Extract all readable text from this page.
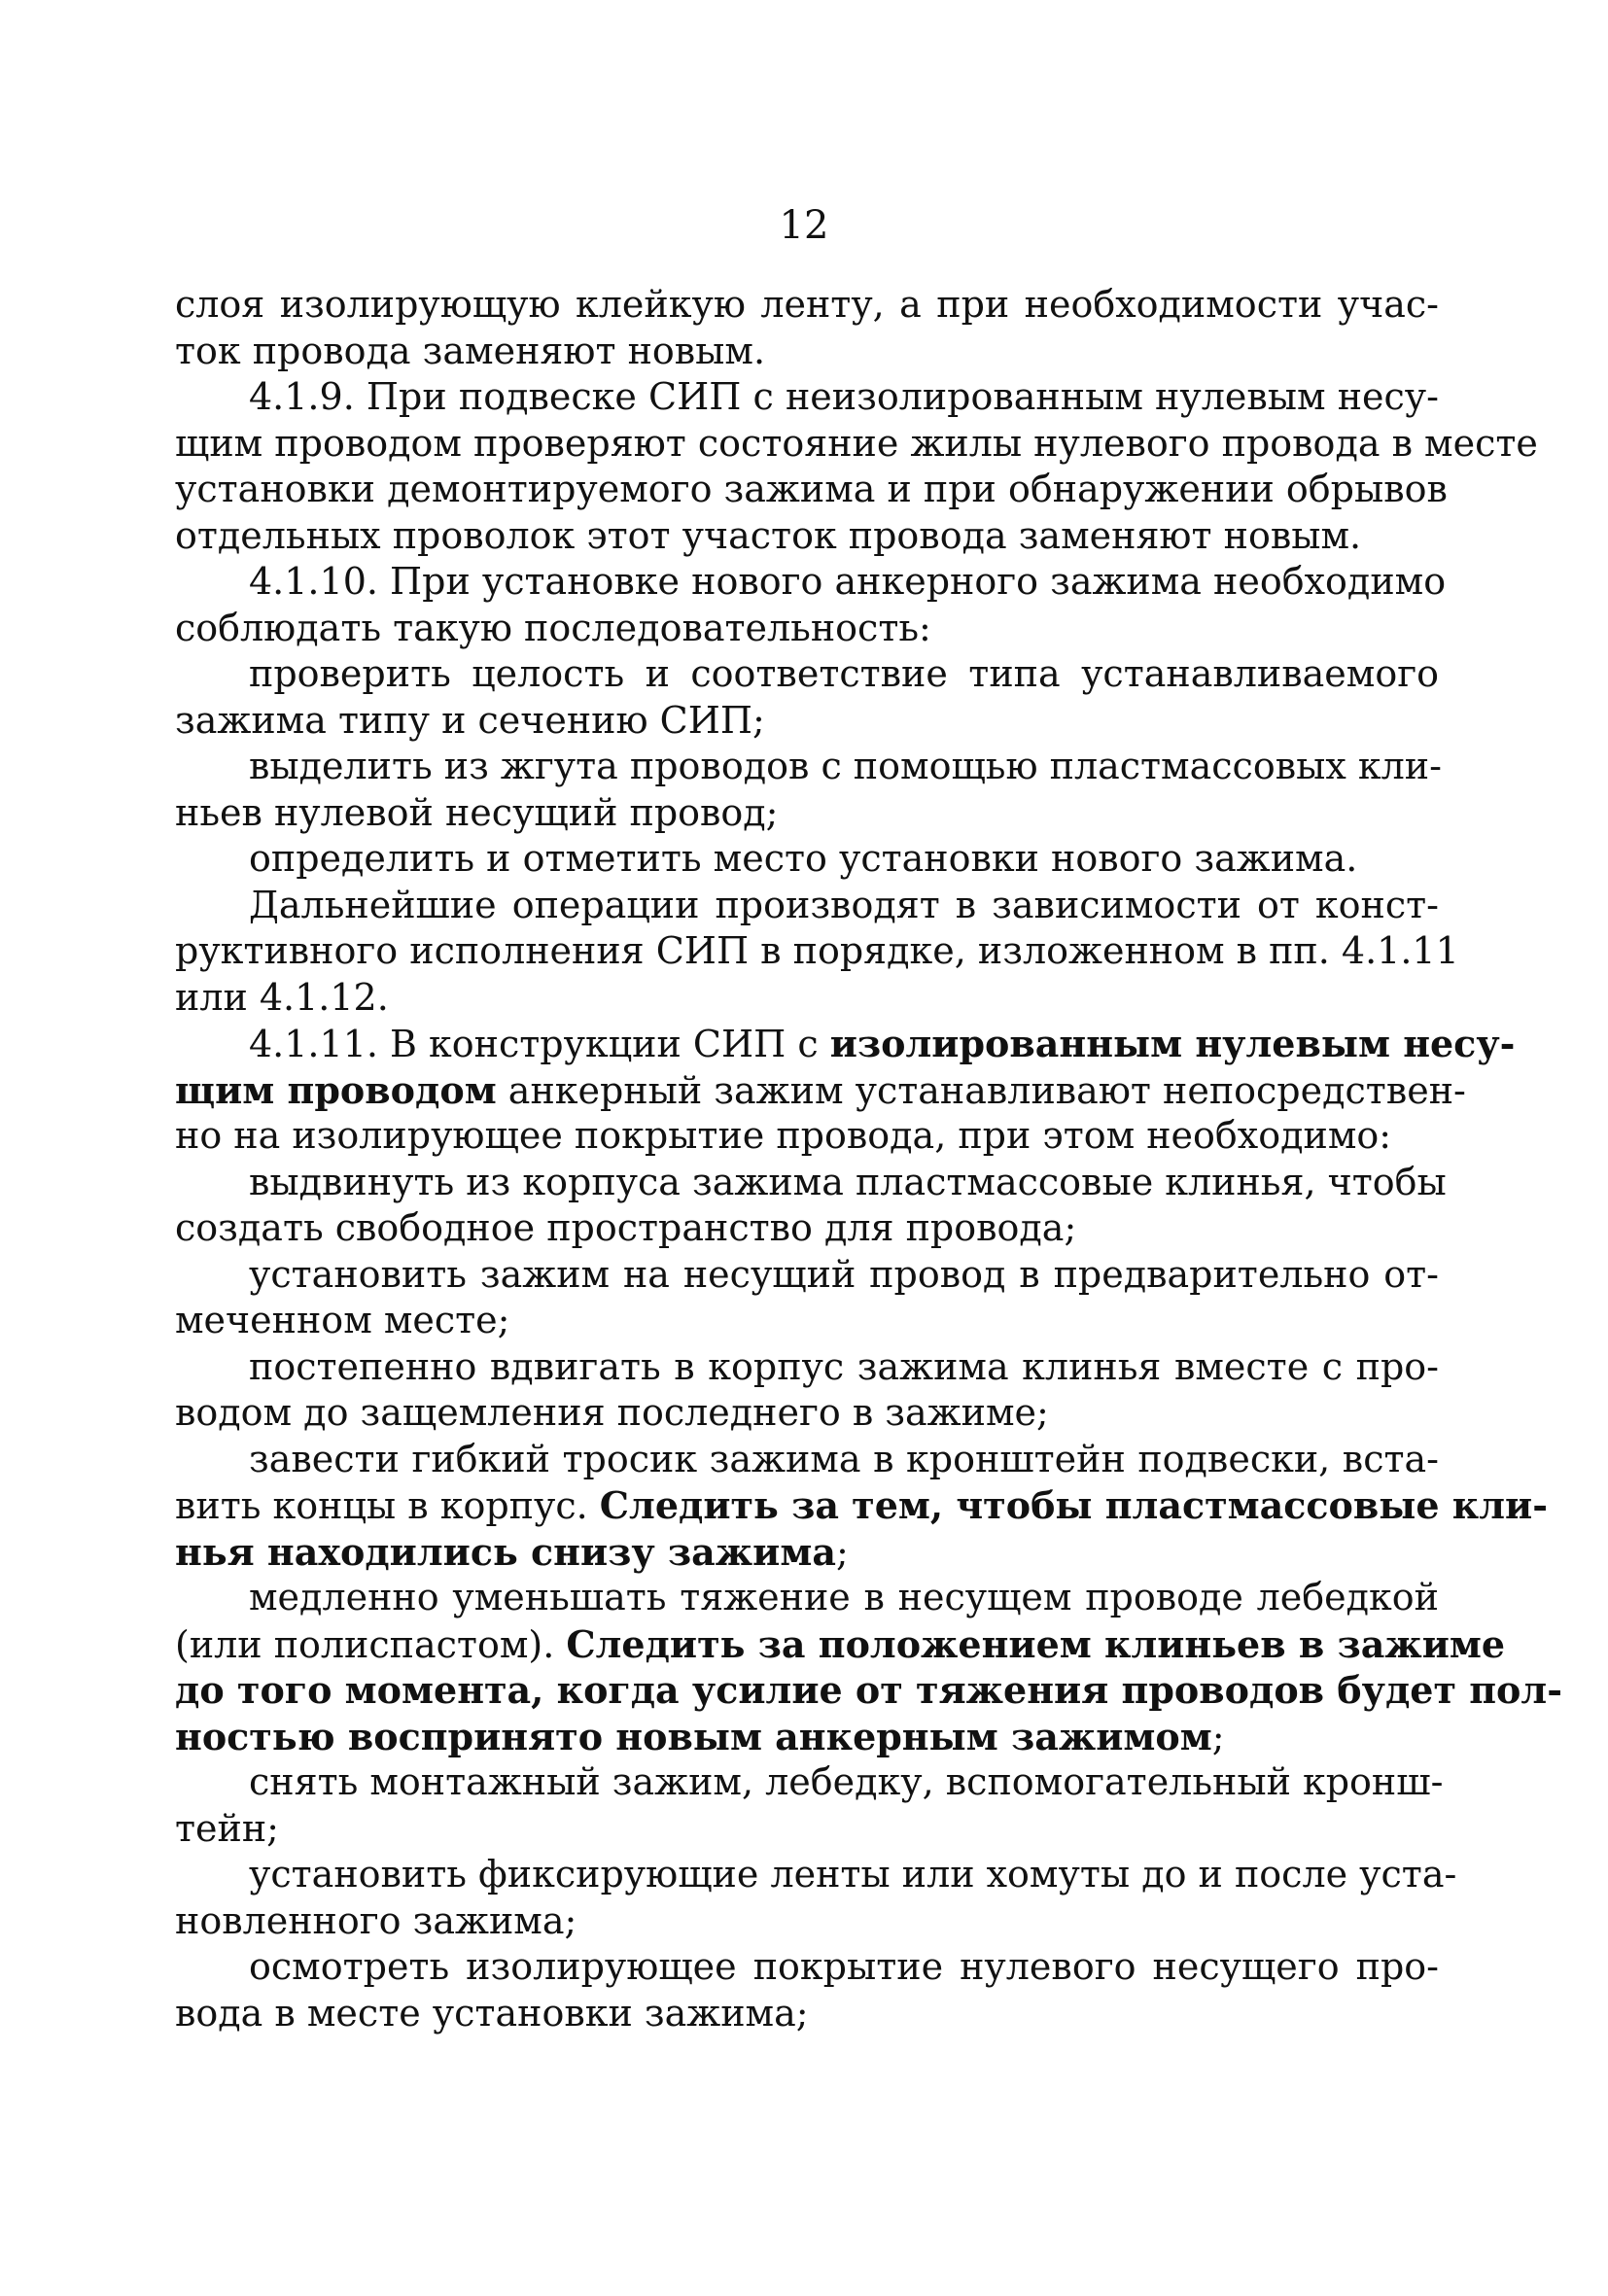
12
слоя изолирующую клейкую ленту, а при необходимости учас-
ток провода заменяют новым.
4.1.9. При подвеске СИП с неизолированным нулевым несу-
щим проводом проверяют состояние жилы нулевого провода в месте
установки демонтируемого зажима и при обнаружении обрывов
отдельных проволок этот участок провода заменяют новым.
4.1.10. При установке нового анкерного зажима необходимо
соблюдать такую последовательность:
проверить целость и соответствие типа устанавливаемого
зажима типу и сечению СИП;
выделить из жгута проводов с помощью пластмассовых кли-
ньев нулевой несущий провод;
определить и отметить место установки нового зажима.
Дальнейшие операции производят в зависимости от конст-
руктивного исполнения СИП в порядке, изложенном в пп. 4.1.11
или 4.1.12.
4.1.11. В конструкции СИП с изолированным нулевым несу-
щим проводом анкерный зажим устанавливают непосредствен-
но на изолирующее покрытие провода, при этом необходимо:
выдвинуть из корпуса зажима пластмассовые клинья, чтобы
создать свободное пространство для провода;
установить зажим на несущий провод в предварительно от-
меченном месте;
постепенно вдвигать в корпус зажима клинья вместе с про-
водом до защемления последнего в зажиме;
завести гибкий тросик зажима в кронштейн подвески, вста-
вить концы в корпус. Следить за тем, чтобы пластмассовые кли-
нья находились снизу зажима;
медленно уменьшать тяжение в несущем проводе лебедкой
(или полиспастом). Следить за положением клиньев в зажиме
до того момента, когда усилие от тяжения проводов будет пол-
ностью воспринято новым анкерным зажимом;
снять монтажный зажим, лебедку, вспомогательный кронш-
тейн;
установить фиксирующие ленты или хомуты до и после уста-
новленного зажима;
осмотреть изолирующее покрытие нулевого несущего про-
вода в месте установки зажима;
